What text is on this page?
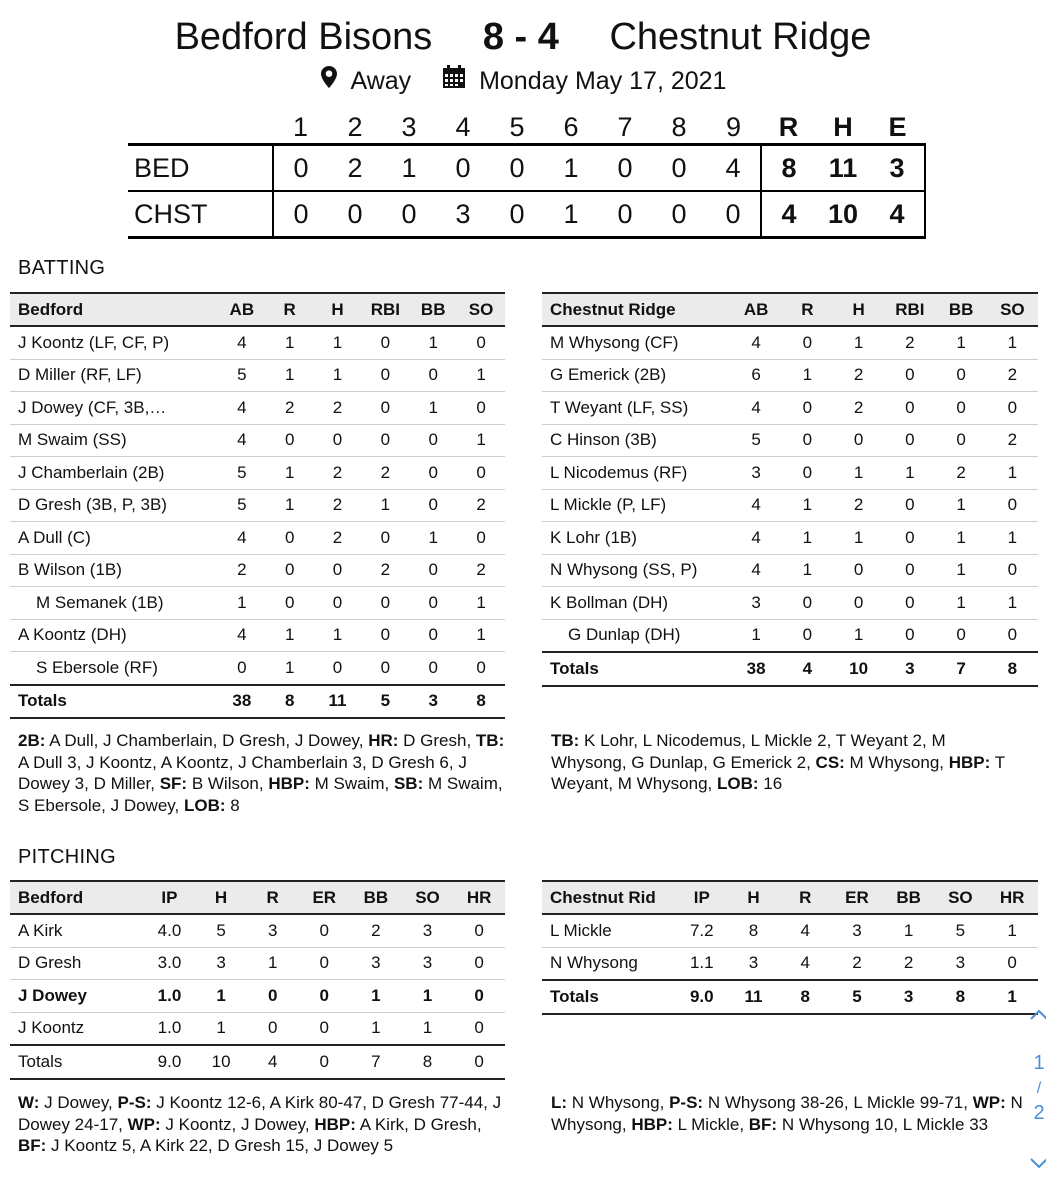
Bedford Bisons 8 - 4 Chestnut Ridge
Away	Monday May 17, 2021
	1	2	3	4	5	6	7	8	9	R	H	E
BED	0	2	1	0	0	1	0	0	4	8	11	3
CHST	0	0	0	3	0	1	0	0	0	4	10	4
BATTING
Bedford	AB	R	H	RBI	BB	SO
J Koontz (LF, CF, P)	4	1	1	0	1	0
D Miller (RF, LF)	5	1	1	0	0	1
J Dowey (CF, 3B,…	4	2	2	0	1	0
M Swaim (SS)	4	0	0	0	0	1
J Chamberlain (2B)	5	1	2	2	0	0
D Gresh (3B, P, 3B)	5	1	2	1	0	2
A Dull (C)	4	0	2	0	1	0
B Wilson (1B)	2	0	0	2	0	2
M Semanek (1B)	1	0	0	0	0	1
A Koontz (DH)	4	1	1	0	0	1
S Ebersole (RF)	0	1	0	0	0	0
Totals	38	8	11	5	3	8
Chestnut Ridge	AB	R	H	RBI	BB	SO
M Whysong (CF)	4	0	1	2	1	1
G Emerick (2B)	6	1	2	0	0	2
T Weyant (LF, SS)	4	0	2	0	0	0
C Hinson (3B)	5	0	0	0	0	2
L Nicodemus (RF)	3	0	1	1	2	1
L Mickle (P, LF)	4	1	2	0	1	0
K Lohr (1B)	4	1	1	0	1	1
N Whysong (SS, P)	4	1	0	0	1	0
K Bollman (DH)	3	0	0	0	1	1
G Dunlap (DH)	1	0	1	0	0	0
Totals	38	4	10	3	7	8
2B: A Dull, J Chamberlain, D Gresh, J Dowey, HR: D Gresh, TB: A Dull 3, J Koontz, A Koontz, J Chamberlain 3, D Gresh 6, J Dowey 3, D Miller, SF: B Wilson, HBP: M Swaim, SB: M Swaim, S Ebersole, J Dowey, LOB: 8
TB: K Lohr, L Nicodemus, L Mickle 2, T Weyant 2, M Whysong, G Dunlap, G Emerick 2, CS: M Whysong, HBP: T Weyant, M Whysong, LOB: 16
PITCHING
Bedford	IP	H	R	ER	BB	SO	HR
A Kirk	4.0	5	3	0	2	3	0
D Gresh	3.0	3	1	0	3	3	0
J Dowey	1.0	1	0	0	1	1	0
J Koontz	1.0	1	0	0	1	1	0
Totals	9.0	10	4	0	7	8	0
Chestnut Rid	IP	H	R	ER	BB	SO	HR
L Mickle	7.2	8	4	3	1	5	1
N Whysong	1.1	3	4	2	2	3	0
Totals	9.0	11	8	5	3	8	1
W: J Dowey, P-S: J Koontz 12-6, A Kirk 80-47, D Gresh 77-44, J Dowey 24-17, WP: J Koontz, J Dowey, HBP: A Kirk, D Gresh, BF: J Koontz 5, A Kirk 22, D Gresh 15, J Dowey 5
L: N Whysong, P-S: N Whysong 38-26, L Mickle 99-71, WP: N Whysong, HBP: L Mickle, BF: N Whysong 10, L Mickle 33
1
/
2
